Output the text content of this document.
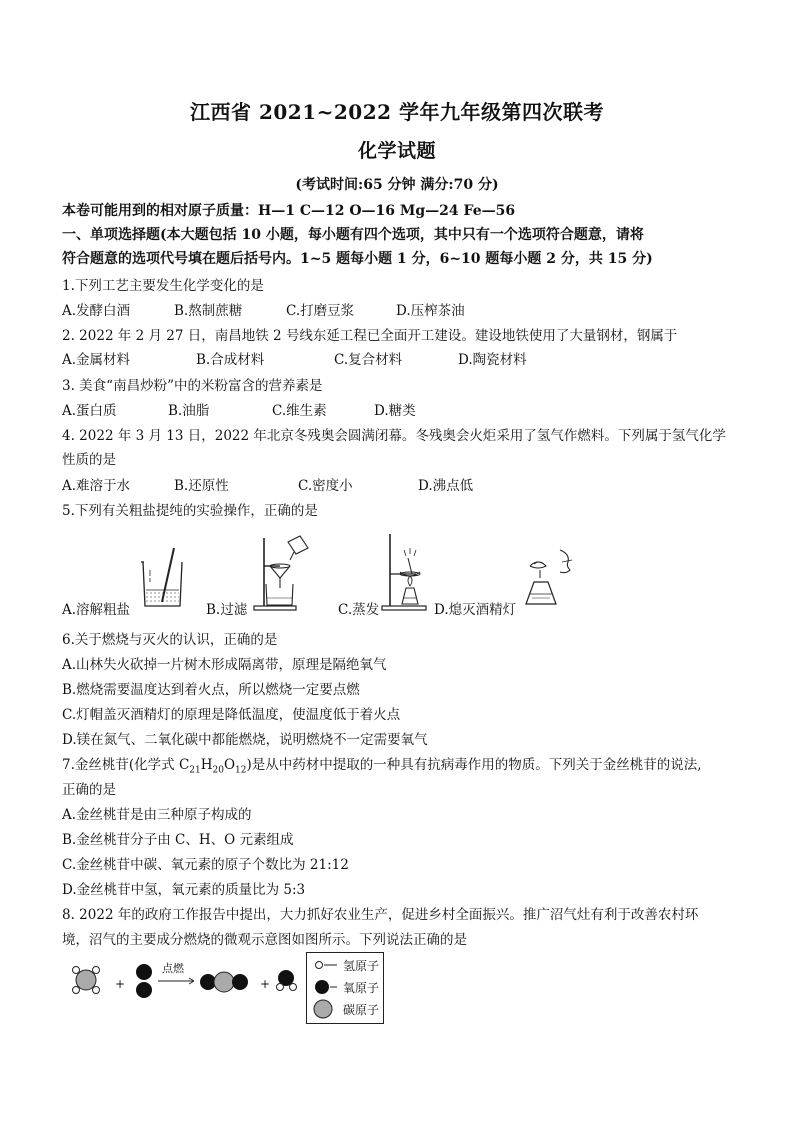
江西省 2021~2022 学年九年级第四次联考
化学试题
(考试时间:65 分钟 满分:70 分)
本卷可能用到的相对原子质量：H—1 C—12 O—16 Mg—24 Fe—56
一、单项选择题(本大题包括 10 小题，每小题有四个选项，其中只有一个选项符合题意，请将
符合题意的选项代号填在题后括号内。1~5 题每小题 1 分，6~10 题每小题 2 分，共 15 分)
1.下列工艺主要发生化学变化的是
A.发酵白酒	B.熬制蔗糖	C.打磨豆浆	D.压榨茶油
2. 2022 年 2 月 27 日，南昌地铁 2 号线东延工程已全面开工建设。建设地铁使用了大量钢材，钢属于
A.金属材料	B.合成材料	C.复合材料	D.陶瓷材料
3. 美食“南昌炒粉”中的米粉富含的营养素是
A.蛋白质	B.油脂	C.维生素	D.糖类
4. 2022 年 3 月 13 日，2022 年北京冬残奥会圆满闭幕。冬残奥会火炬采用了氢气作燃料。下列属于氢气化学
性质的是
A.难溶于水	B.还原性	C.密度小	D.沸点低
5.下列有关粗盐提纯的实验操作，正确的是
A.溶解粗盐	B.过滤	C.蒸发	D.熄灭酒精灯
6.关于燃烧与灭火的认识，正确的是
A.山林失火砍掉一片树木形成隔离带，原理是隔绝氧气
B.燃烧需要温度达到着火点，所以燃烧一定要点燃
C.灯帽盖灭酒精灯的原理是降低温度，使温度低于着火点
D.镁在氮气、二氧化碳中都能燃烧，说明燃烧不一定需要氧气
7.金丝桃苷(化学式 $C_{21}H_{20}O_{12}$)是从中药材中提取的一种具有抗病毒作用的物质。下列关于金丝桃苷的说法,
正确的是
A.金丝桃苷是由三种原子构成的
B.金丝桃苷分子由 C、H、O 元素组成
C.金丝桃苷中碳、氧元素的原子个数比为 21:12
D.金丝桃苷中氢，氧元素的质量比为 5:3
8. 2022 年的政府工作报告中提出，大力抓好农业生产，促进乡村全面振兴。推广沼气灶有利于改善农村环
境，沼气的主要成分燃烧的微观示意图如图所示。下列说法正确的是
+
点燃
+
氢原子
氧原子
碳原子
